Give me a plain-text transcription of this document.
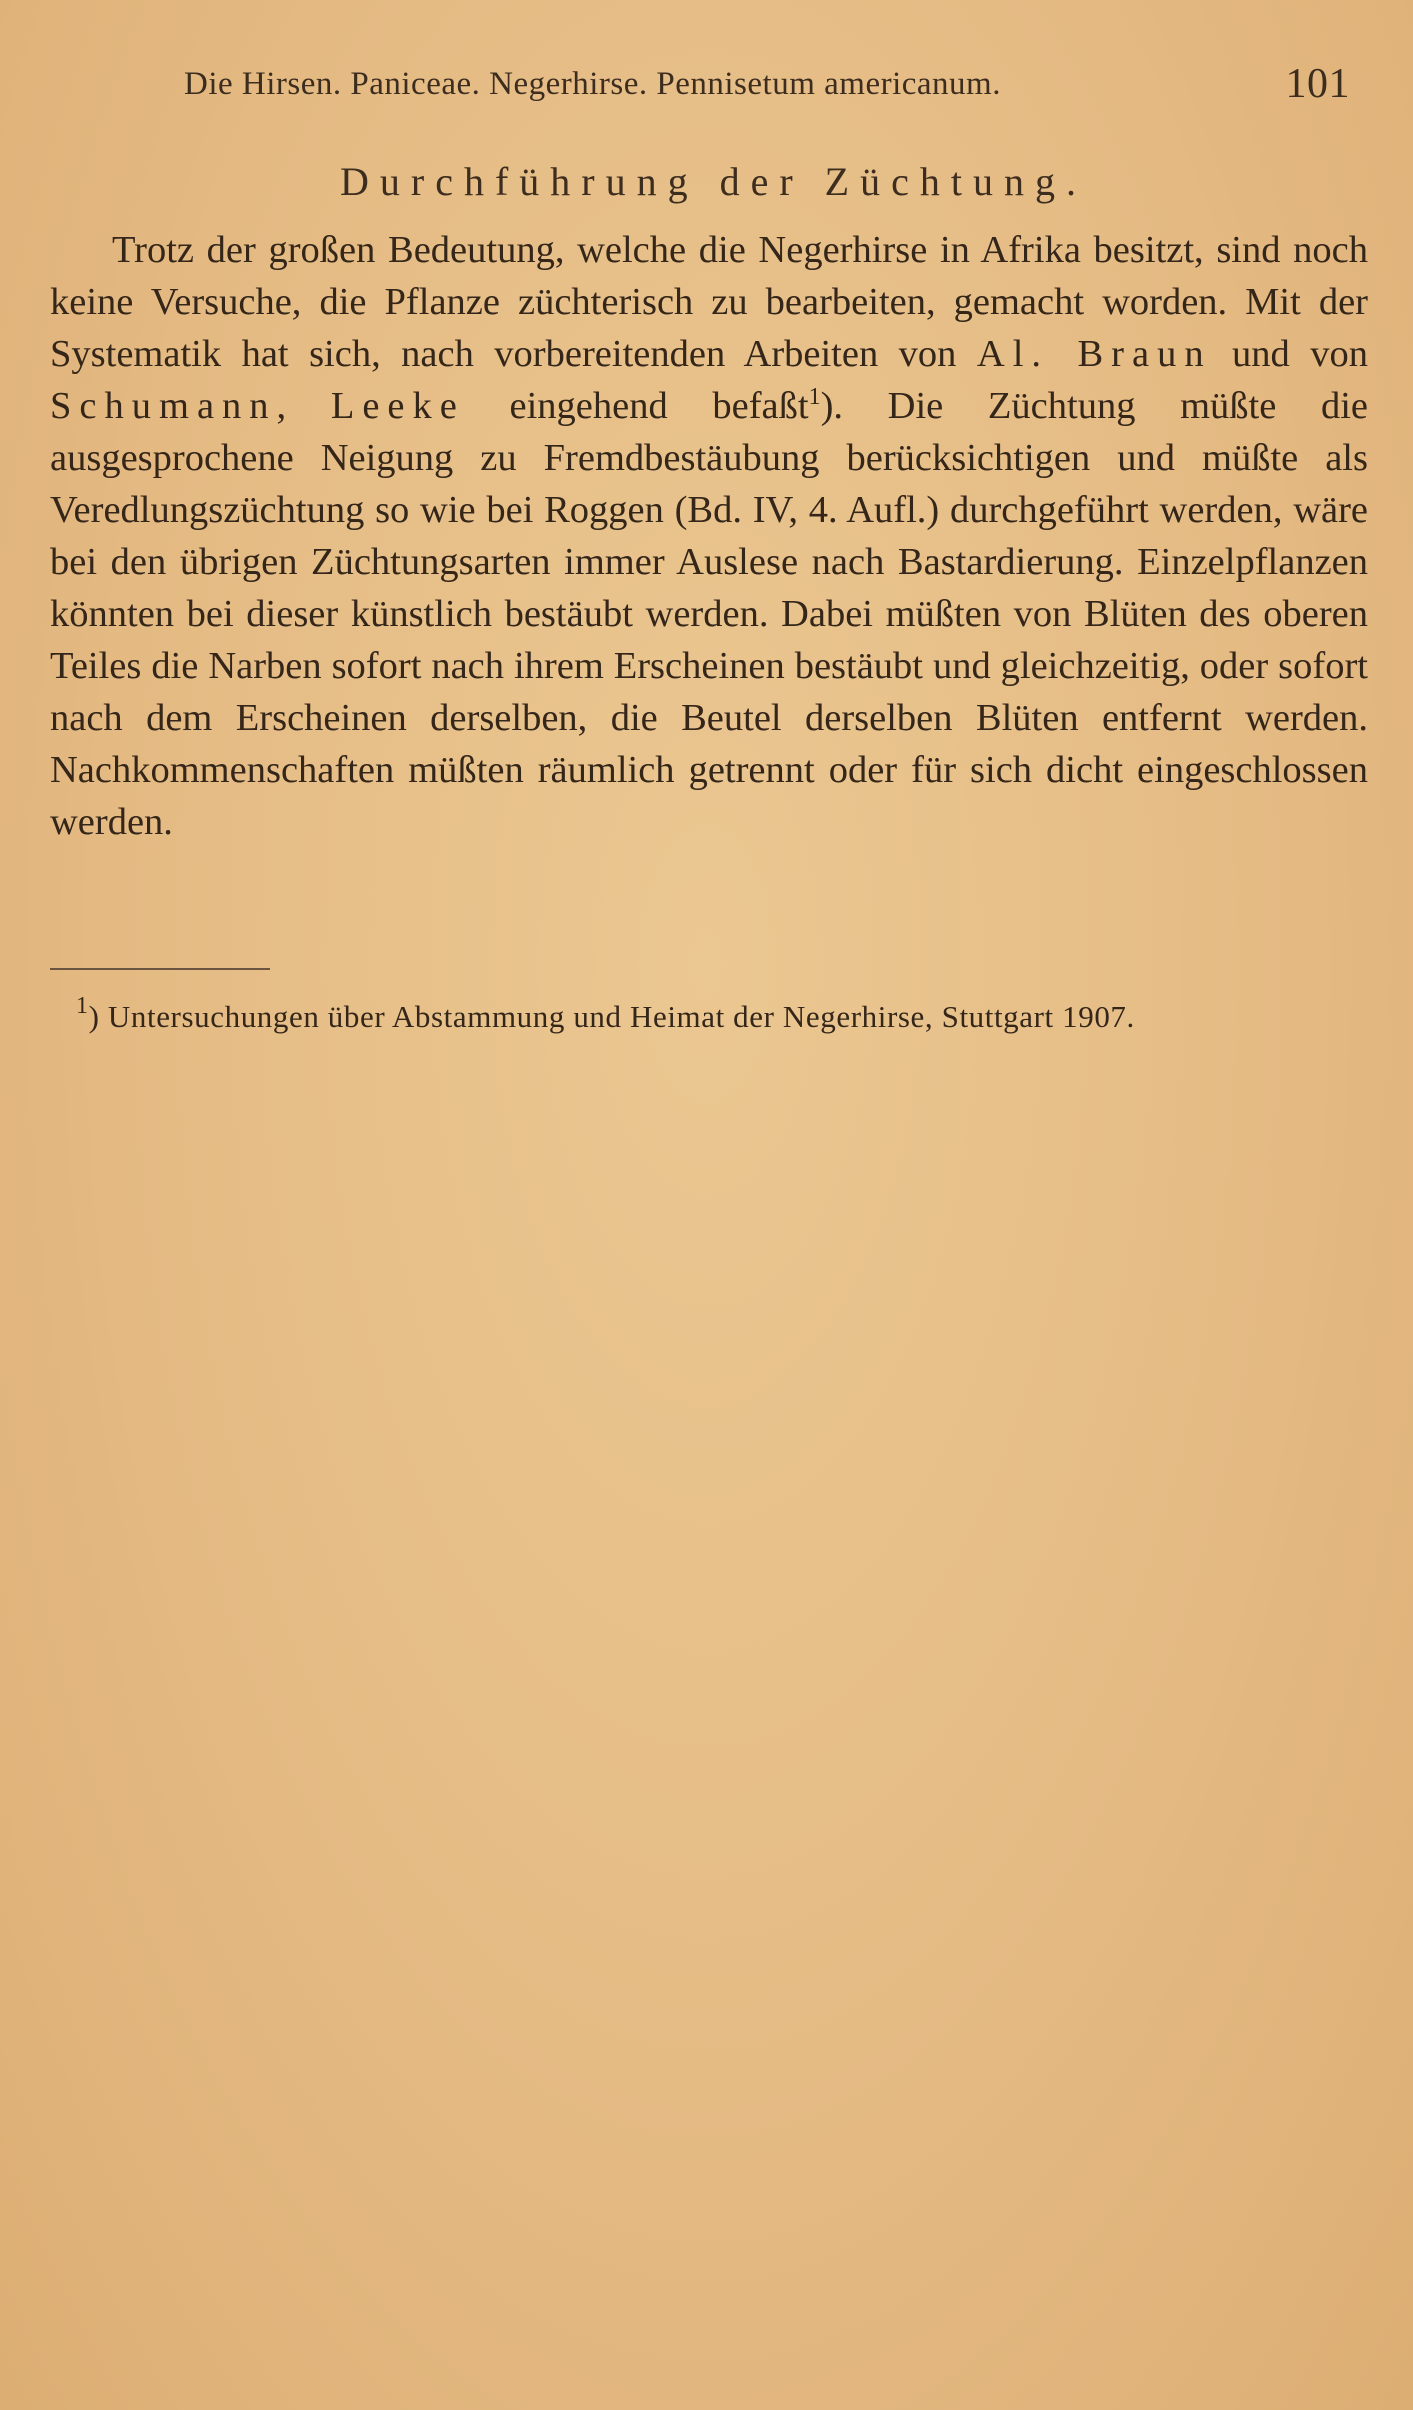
Die Hirsen. Paniceae. Negerhirse. Pennisetum americanum.	101
Durchführung der Züchtung.

Trotz der großen Bedeutung, welche die Negerhirse in Afrika besitzt, sind noch keine Versuche, die Pflanze züchterisch zu bearbeiten, gemacht worden. Mit der Systematik hat sich, nach vorbereitenden Arbeiten von Al. Braun und von Schumann, Leeke eingehend befaßt$^1$). Die Züchtung müßte die ausgesprochene Neigung zu Fremdbestäubung berücksichtigen und müßte als Veredlungszüchtung so wie bei Roggen (Bd. IV, 4. Aufl.) durchgeführt werden, wäre bei den übrigen Züchtungsarten immer Auslese nach Bastardierung. Einzelpflanzen könnten bei dieser künstlich bestäubt werden. Dabei müßten von Blüten des oberen Teiles die Narben sofort nach ihrem Erscheinen bestäubt und gleichzeitig, oder sofort nach dem Erscheinen derselben, die Beutel derselben Blüten entfernt werden. Nachkommenschaften müßten räumlich getrennt oder für sich dicht eingeschlossen werden.

$^1$) Untersuchungen über Abstammung und Heimat der Negerhirse, Stuttgart 1907.
